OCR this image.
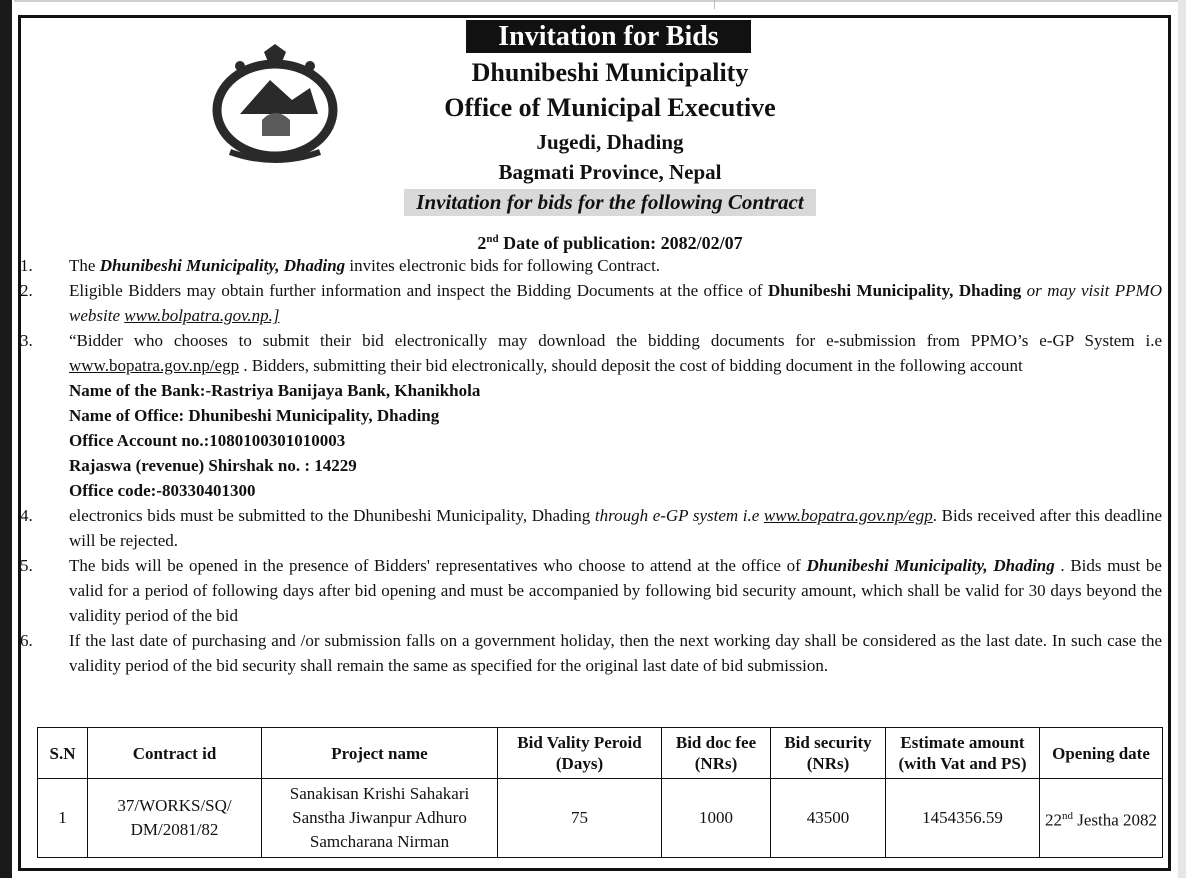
Invitation for Bids
Dhunibeshi Municipality
Office of Municipal Executive
Jugedi, Dhading
Bagmati Province, Nepal
Invitation for bids for the following Contract
2nd Date of publication: 2082/02/07
1.	The Dhunibeshi Municipality, Dhading invites electronic bids for following Contract.
2.	Eligible Bidders may obtain further information and inspect the Bidding Documents at the office of Dhunibeshi Municipality, Dhading or may visit PPMO website www.bolpatra.gov.np.]
3.	“Bidder who chooses to submit their bid electronically may download the bidding documents for e-submission from PPMO’s e-GP System i.e www.bopatra.gov.np/egp . Bidders, submitting their bid electronically, should deposit the cost of bidding document in the following account
Name of the Bank:-Rastriya Banijaya Bank, Khanikhola
Name of Office: Dhunibeshi Municipality, Dhading
Office Account no.:1080100301010003
Rajaswa (revenue) Shirshak no. : 14229
Office code:-80330401300
4.	electronics bids must be submitted to the Dhunibeshi Municipality, Dhading through e-GP system i.e www.bopatra.gov.np/egp. Bids received after this deadline will be rejected.
5.	The bids will be opened in the presence of Bidders' representatives who choose to attend at the office of Dhunibeshi Municipality, Dhading . Bids must be valid for a period of following days after bid opening and must be accompanied by following bid security amount, which shall be valid for 30 days beyond the validity period of the bid
6.	If the last date of purchasing and /or submission falls on a government holiday, then the next working day shall be considered as the last date. In such case the validity period of the bid security shall remain the same as specified for the original last date of bid submission.
S.N	Contract id	Project name	Bid Vality Peroid (Days)	Bid doc fee (NRs)	Bid security (NRs)	Estimate amount (with Vat and PS)	Opening date
1	37/WORKS/SQ/ DM/2081/82	Sanakisan Krishi Sahakari Sanstha Jiwanpur Adhuro Samcharana Nirman	75	1000	43500	1454356.59	22nd Jestha 2082
